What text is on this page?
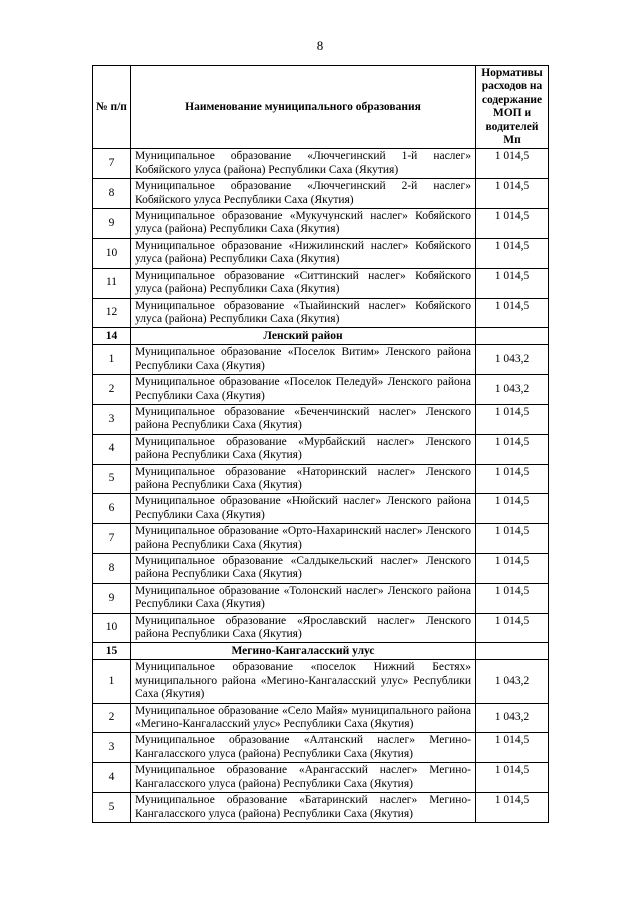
8
№ п/п	Наименование муниципального образования	Нормативы расходов на содержание МОП и водителей Мп
7	Муниципальное образование «Люччегинский 1-й наслег» Кобяйского улуса (района) Республики Саха (Якутия)	1 014,5
8	Муниципальное образование «Люччегинский 2-й наслег» Кобяйского улуса Республики Саха (Якутия)	1 014,5
9	Муниципальное образование «Мукучунский наслег» Кобяйского улуса (района) Республики Саха (Якутия)	1 014,5
10	Муниципальное образование «Нижилинский наслег» Кобяйского улуса (района) Республики Саха (Якутия)	1 014,5
11	Муниципальное образование «Ситтинский наслег» Кобяйского улуса (района) Республики Саха (Якутия)	1 014,5
12	Муниципальное образование «Тыайинский наслег» Кобяйского улуса (района) Республики Саха (Якутия)	1 014,5
14	Ленский район	
1	Муниципальное образование «Поселок Витим» Ленского района Республики Саха (Якутия)	1 043,2
2	Муниципальное образование «Поселок Пеледуй» Ленского района Республики Саха (Якутия)	1 043,2
3	Муниципальное образование «Беченчинский наслег» Ленского района Республики Саха (Якутия)	1 014,5
4	Муниципальное образование «Мурбайский наслег» Ленского района Республики Саха (Якутия)	1 014,5
5	Муниципальное образование «Наторинский наслег» Ленского района Республики Саха (Якутия)	1 014,5
6	Муниципальное образование «Нюйский наслег» Ленского района Республики Саха (Якутия)	1 014,5
7	Муниципальное образование «Орто-Нахаринский наслег» Ленского района Республики Саха (Якутия)	1 014,5
8	Муниципальное образование «Салдыкельский наслег» Ленского района Республики Саха (Якутия)	1 014,5
9	Муниципальное образование «Толонский наслег» Ленского района Республики Саха (Якутия)	1 014,5
10	Муниципальное образование «Ярославский наслег» Ленского района Республики Саха (Якутия)	1 014,5
15	Мегино-Кангаласский улус	
1	Муниципальное образование «поселок Нижний Бестях» муниципального района «Мегино-Кангаласский улус» Республики Саха (Якутия)	1 043,2
2	Муниципальное образование «Село Майя» муниципального района «Мегино-Кангаласский улус» Республики Саха (Якутия)	1 043,2
3	Муниципальное образование «Алтанский наслег» Мегино-Кангаласского улуса (района) Республики Саха (Якутия)	1 014,5
4	Муниципальное образование «Арангасский наслег» Мегино-Кангаласского улуса (района) Республики Саха (Якутия)	1 014,5
5	Муниципальное образование «Батаринский наслег» Мегино-Кангаласского улуса (района) Республики Саха (Якутия)	1 014,5
